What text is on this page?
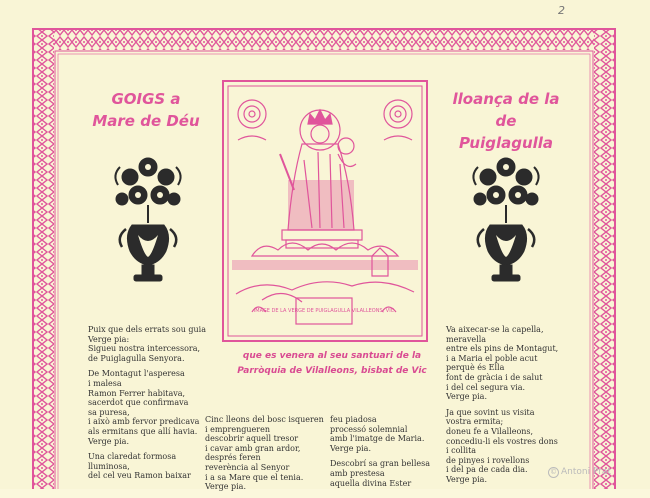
2
GOIGS a
Mare de Déu
lloança de la
de Puiglagulla
IMAGE DE LA VERGE DE PUIGLAGULLA VILALLEONS, VIC
que es venera al seu santuari de la
Parròquia de Vilalleons, bisbat de Vic

Puix que dels errats sou guia
Verge pia:
Sigueu nostra intercessora,
de Puiglagulla Senyora.

De Montagut l'asperesa
i malesa
Ramon Ferrer habitava,
sacerdot que confirmava
sa puresa,
i això amb fervor predicava
als ermitans que allí havia.
Verge pia.

Una claredat formosa
lluminosa,
del cel veu Ramon baixar

Cinc lleons del bosc isqueren
i emprengueren
descobrir aquell tresor
i cavar amb gran ardor,
després feren
reverència al Senyor
i a sa Mare que el tenia.
Verge pia.

feu piadosa
processó solemnial
amb l'imatge de Maria.
Verge pia.

Descobrí sa gran bellesa
amb prestesa
aquella divina Ester

Va aixecar-se la capella,
meravella
entre els pins de Montagut,
i a Maria el poble acut
perquè és Ella
font de gràcia i de salut
i del cel segura via.
Verge pia.

Ja que sovint us visita
vostra ermita;
doneu fe a Vilalleons,
concediu-li els vostres dons
i collita
de pinyes i rovellons
i del pa de cada dia.
Verge pia.

© Antoni Prat
